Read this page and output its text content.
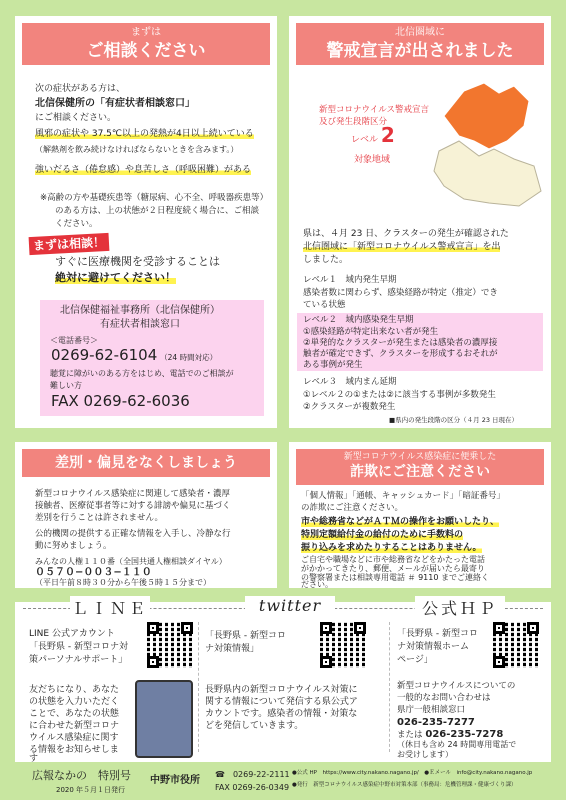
まずは
ご相談ください
次の症状がある方は、
北信保健所の「有症状者相談窓口」
にご相談ください。
風邪の症状や 37.5℃以上の発熱が4日以上続いている
（解熱剤を飲み続けなければならないときを含みます。）
強いだるさ（倦怠感）や息苦しさ（呼吸困難）がある
※高齢の方や基礎疾患等（糖尿病、心不全、呼吸器疾患等）
のある方は、上の状態が２日程度続く場合に、ご相談
ください。
まずは相談！
すぐに医療機関を受診することは
絶対に避けてください！
北信保健福祉事務所（北信保健所）
有症状者相談窓口
＜電話番号＞
0269-62-6104 （24 時間対応）
聴覚に障がいのある方をはじめ、電話でのご相談が
難しい方
FAX 0269-62-6036
北信圏域に
警戒宣言が出されました
新型コロナウイルス警戒宣言
及び発生段階区分
レベル 2
対象地域
県は、４月 23 日、クラスターの発生が確認された
北信圏域に「新型コロナウイルス警戒宣言」を出
しました。
レベル１　域内発生早期
感染者数に関わらず、感染経路が特定（推定）でき
ている状態
レベル２　域内感染発生早期
①感染経路が特定出来ない者が発生
②単発的なクラスターが発生または感染者の濃厚接
触者が確定できず、クラスターを形成するおそれが
ある事例が発生
レベル３　域内まん延期
①レベル２の①または②に該当する事例が多数発生
②クラスターが複数発生
■県内の発生段階の区分（４月 23 日現在）
差別・偏見をなくしましょう
新型コロナウイルス感染症に関連して感染者・濃厚
接触者、医療従事者等に対する誹謗や偏見に基づく
差別を行うことは許されません。
公的機関の提供する正確な情報を入手し、冷静な行
動に努めましょう。
みんなの人権１１０番（全国共通人権相談ダイヤル）
０５７０−００３−１１０
（平日午前８時３０分から午後５時１５分まで）
新型コロナウイルス感染症に便乗した
詐欺にご注意ください
「個人情報」「通帳、キャッシュカード」「暗証番号」
の詐欺にご注意ください。
市や総務省などがＡＴＭの操作をお願いしたり、
特別定額給付金の給付のために手数料の
振り込みを求めたりすることはありません。
ご自宅や職場などに市や総務省などをかたった電話
がかかってきたり、郵便、メールが届いたら最寄り
の警察署または相談専用電話 ＃ 9110 までご連絡く
ださい。
ＬＩＮＥ
LINE 公式アカウント
「長野県 - 新型コロナ対
策パーソナルサポート」
友だちになり、あなた
の状態を入力いただく
ことで、あなたの状態
に合わせた新型コロナ
ウイルス感染症に関す
る情報をお知らせしま
す
twitter
「長野県 - 新型コロ
ナ対策情報」
長野県内の新型コロナウイルス対策に
関する情報について発信する県公式ア
カウントです。感染者の情報・対策な
どを発信していきます。
公式ＨＰ
「長野県 - 新型コロ
ナ対策情報ホーム
ページ」
新型コロナウイルスについての
一般的なお問い合わせは
県庁一般相談窓口
026-235-7277
または 026-235-7278
（休日も含め 24 時間専用電話で
お受けします）
広報なかの　特別号
2020 年５月１日発行
中野市役所
☎　0269-22-2111
FAX 0269-26-0349
●公式 HP　https://www.city.nakano.nagano.jp/　●Ｅメール　info@city.nakano.nagano.jp
●発行　新型コロナウイルス感染症中野市対策本部（事務局：危機管理課・健康づくり課）
